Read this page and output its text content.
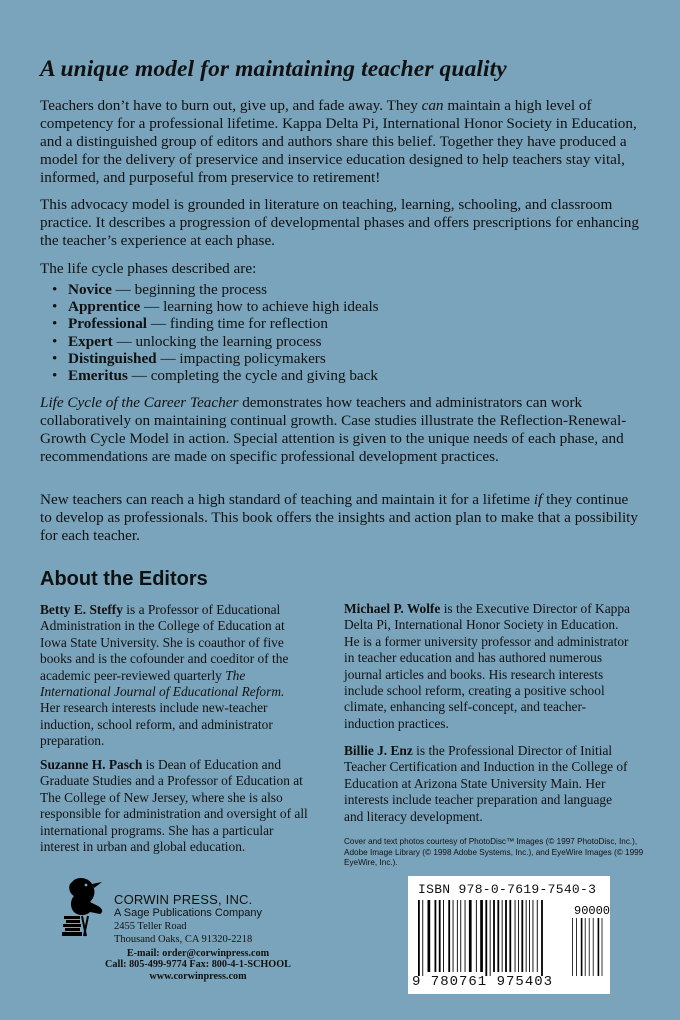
A unique model for maintaining teacher quality
Teachers don’t have to burn out, give up, and fade away. They can maintain a high level of competency for a professional lifetime. Kappa Delta Pi, International Honor Society in Education, and a distinguished group of editors and authors share this belief. Together they have produced a model for the delivery of preservice and inservice education designed to help teachers stay vital, informed, and purposeful from preservice to retirement!
This advocacy model is grounded in literature on teaching, learning, schooling, and classroom practice. It describes a progression of developmental phases and offers prescriptions for enhancing the teacher’s experience at each phase.
The life cycle phases described are:
• Novice — beginning the process
• Apprentice — learning how to achieve high ideals
• Professional — finding time for reflection
• Expert — unlocking the learning process
• Distinguished — impacting policymakers
• Emeritus — completing the cycle and giving back
Life Cycle of the Career Teacher demonstrates how teachers and administrators can work collaboratively on maintaining continual growth. Case studies illustrate the Reflection-Renewal-Growth Cycle Model in action. Special attention is given to the unique needs of each phase, and recommendations are made on specific professional development practices.
New teachers can reach a high standard of teaching and maintain it for a lifetime if they continue to develop as professionals. This book offers the insights and action plan to make that a possibility for each teacher.
About the Editors
Betty E. Steffy is a Professor of Educational Administration in the College of Education at Iowa State University. She is coauthor of five books and is the cofounder and coeditor of the academic peer-reviewed quarterly The International Journal of Educational Reform. Her research interests include new-teacher induction, school reform, and administrator preparation.
Suzanne H. Pasch is Dean of Education and Graduate Studies and a Professor of Education at The College of New Jersey, where she is also responsible for administration and oversight of all international programs. She has a particular interest in urban and global education.
Michael P. Wolfe is the Executive Director of Kappa Delta Pi, International Honor Society in Education. He is a former university professor and administrator in teacher education and has authored numerous journal articles and books. His research interests include school reform, creating a positive school climate, enhancing self-concept, and teacher-induction practices.
Billie J. Enz is the Professional Director of Initial Teacher Certification and Induction in the College of Education at Arizona State University Main. Her interests include teacher preparation and language and literacy development.
Cover and text photos courtesy of PhotoDisc™ Images (© 1997 PhotoDisc, Inc.), Adobe Image Library (© 1998 Adobe Systems, Inc.), and EyeWire Images (© 1999 EyeWire, Inc.).
CORWIN PRESS, INC.
A Sage Publications Company
2455 Teller Road
Thousand Oaks, CA 91320-2218
E-mail: order@corwinpress.com
Call: 805-499-9774 Fax: 800-4-1-SCHOOL
www.corwinpress.com
ISBN 978-0-7619-7540-3
90000
9 780761 975403
